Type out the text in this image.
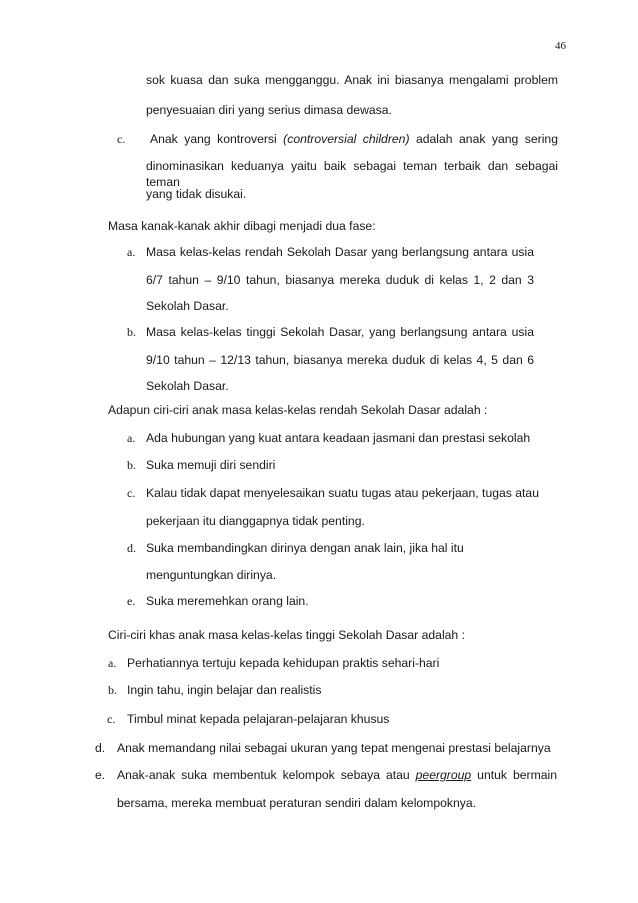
46
sok kuasa dan suka mengganggu. Anak ini biasanya mengalami problem
penyesuaian diri yang serius dimasa dewasa.
c. Anak yang kontroversi (controversial children) adalah anak yang sering
dinominasikan keduanya yaitu baik sebagai teman terbaik dan sebagai teman
yang tidak disukai.
Masa kanak-kanak akhir dibagi menjadi dua fase:
a. Masa kelas-kelas rendah Sekolah Dasar yang berlangsung antara usia
6/7 tahun – 9/10 tahun, biasanya mereka duduk di kelas 1, 2 dan 3
Sekolah Dasar.
b. Masa kelas-kelas tinggi Sekolah Dasar, yang berlangsung antara usia
9/10 tahun – 12/13 tahun, biasanya mereka duduk di kelas 4, 5 dan 6
Sekolah Dasar.
Adapun ciri-ciri anak masa kelas-kelas rendah Sekolah Dasar adalah :
a. Ada hubungan yang kuat antara keadaan jasmani dan prestasi sekolah
b. Suka memuji diri sendiri
c. Kalau tidak dapat menyelesaikan suatu tugas atau pekerjaan, tugas atau
pekerjaan itu dianggapnya tidak penting.
d. Suka membandingkan dirinya dengan anak lain, jika hal itu
menguntungkan dirinya.
e. Suka meremehkan orang lain.
Ciri-ciri khas anak masa kelas-kelas tinggi Sekolah Dasar adalah :
a. Perhatiannya tertuju kepada kehidupan praktis sehari-hari
b. Ingin tahu, ingin belajar dan realistis
c. Timbul minat kepada pelajaran-pelajaran khusus
d. Anak memandang nilai sebagai ukuran yang tepat mengenai prestasi belajarnya
e. Anak-anak suka membentuk kelompok sebaya atau peergroup untuk bermain
bersama, mereka membuat peraturan sendiri dalam kelompoknya.
